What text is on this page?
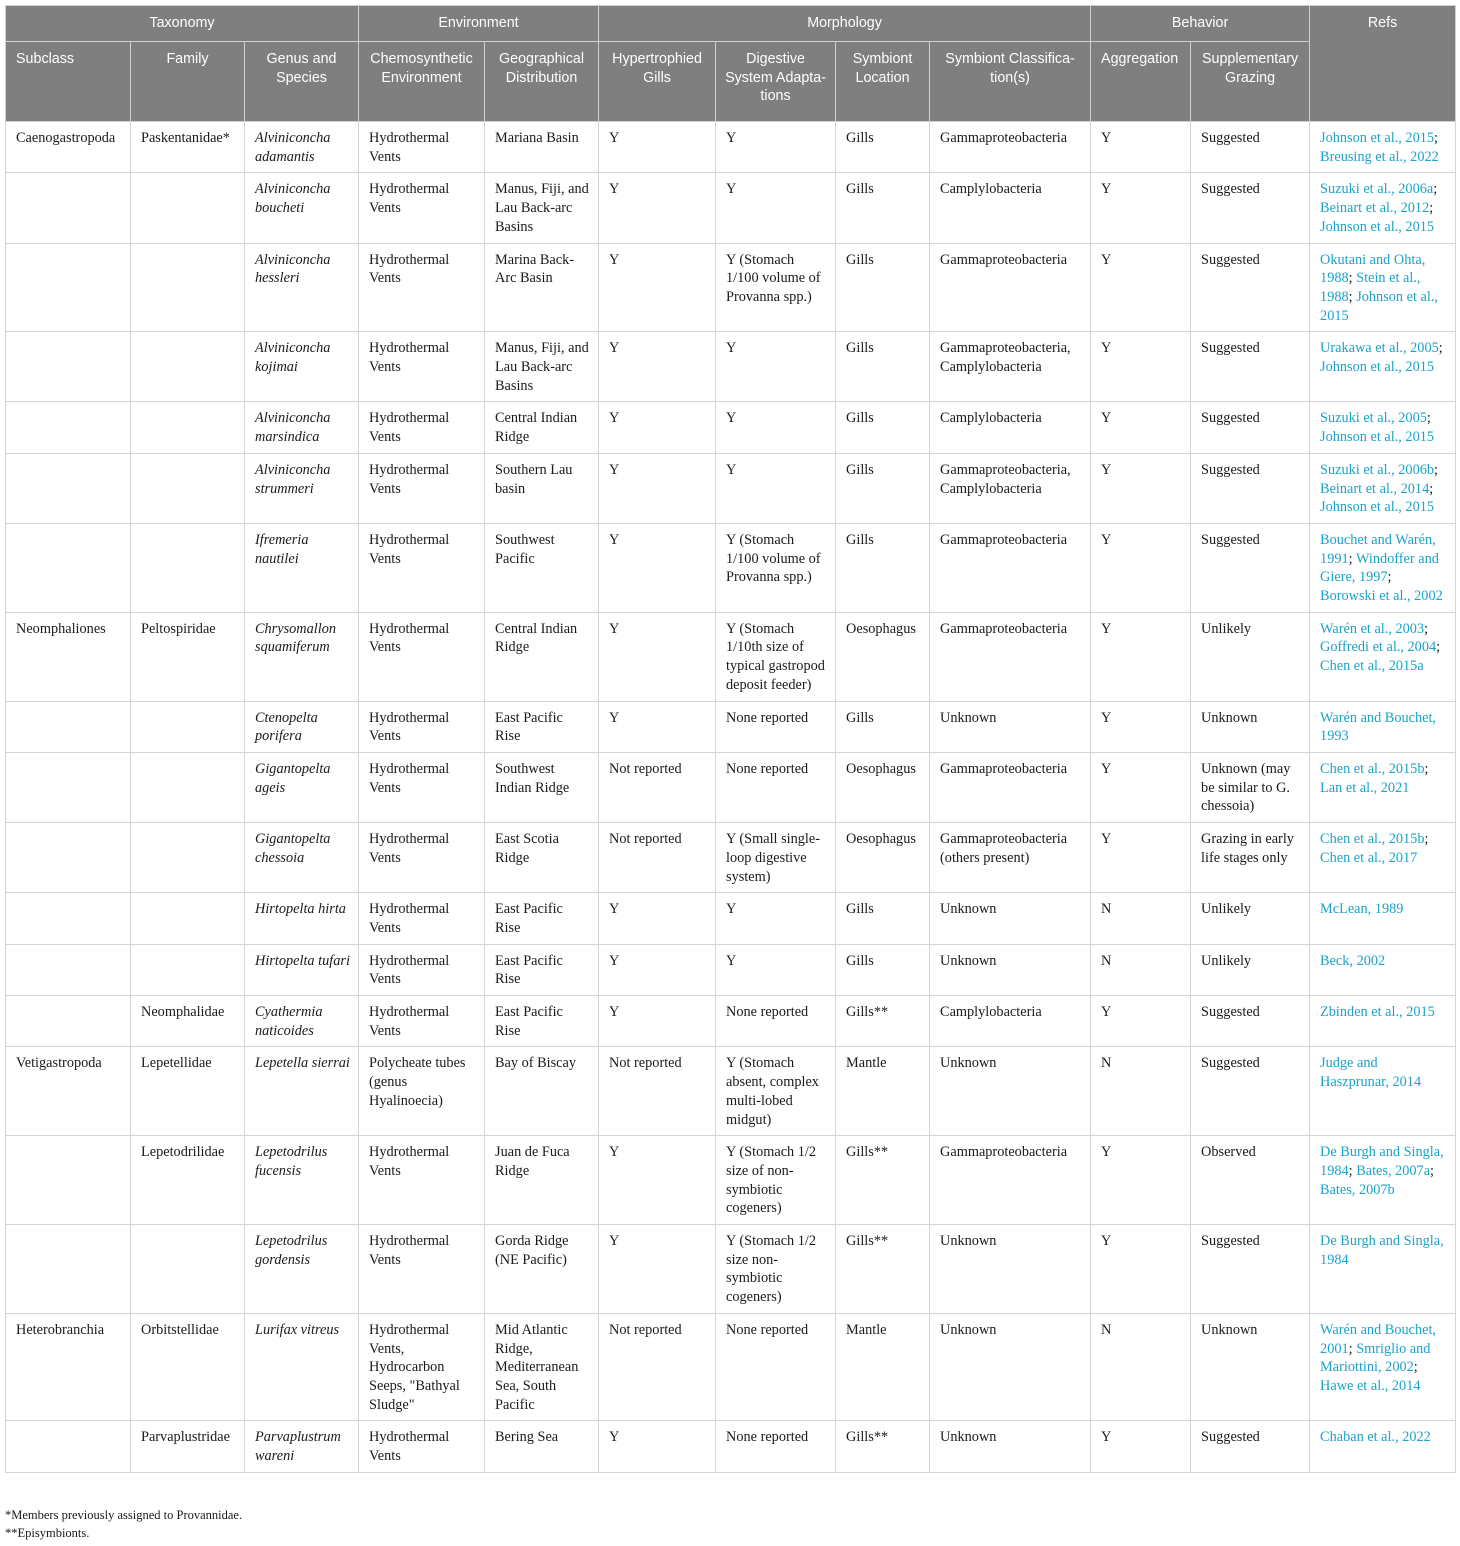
Taxonomy			Environment		Morphology				Behavior		Refs
Subclass	Family	Genus and Species	Chemosynthetic Environment	Geographical Distribution	Hypertrophied Gills	Digestive System Adapta-tions	Symbiont Location	Symbiont Classifica-tion(s)	Aggregation	Supplementary Grazing	
Caenogastropoda	Paskentanidae*	Alviniconcha adamantis	Hydrothermal Vents	Mariana Basin	Y	Y	Gills	Gammaproteobacteria	Y	Suggested	Johnson et al., 2015; Breusing et al., 2022
		Alviniconcha boucheti	Hydrothermal Vents	Manus, Fiji, and Lau Back-arc Basins	Y	Y	Gills	Camplylobacteria	Y	Suggested	Suzuki et al., 2006a; Beinart et al., 2012; Johnson et al., 2015
		Alviniconcha hessleri	Hydrothermal Vents	Marina Back-Arc Basin	Y	Y (Stomach 1/100 volume of Provanna spp.)	Gills	Gammaproteobacteria	Y	Suggested	Okutani and Ohta, 1988; Stein et al., 1988; Johnson et al., 2015
		Alviniconcha kojimai	Hydrothermal Vents	Manus, Fiji, and Lau Back-arc Basins	Y	Y	Gills	Gammaproteobacteria, Camplylobacteria	Y	Suggested	Urakawa et al., 2005; Johnson et al., 2015
		Alviniconcha marsindica	Hydrothermal Vents	Central Indian Ridge	Y	Y	Gills	Camplylobacteria	Y	Suggested	Suzuki et al., 2005; Johnson et al., 2015
		Alviniconcha strummeri	Hydrothermal Vents	Southern Lau basin	Y	Y	Gills	Gammaproteobacteria, Camplylobacteria	Y	Suggested	Suzuki et al., 2006b; Beinart et al., 2014; Johnson et al., 2015
		Ifremeria nautilei	Hydrothermal Vents	Southwest Pacific	Y	Y (Stomach 1/100 volume of Provanna spp.)	Gills	Gammaproteobacteria	Y	Suggested	Bouchet and Warén, 1991; Windoffer and Giere, 1997; Borowski et al., 2002
Neomphaliones	Peltospiridae	Chrysomallon squamiferum	Hydrothermal Vents	Central Indian Ridge	Y	Y (Stomach 1/10th size of typical gastropod deposit feeder)	Oesophagus	Gammaproteobacteria	Y	Unlikely	Warén et al., 2003; Goffredi et al., 2004; Chen et al., 2015a
		Ctenopelta porifera	Hydrothermal Vents	East Pacific Rise	Y	None reported	Gills	Unknown	Y	Unknown	Warén and Bouchet, 1993
		Gigantopelta ageis	Hydrothermal Vents	Southwest Indian Ridge	Not reported	None reported	Oesophagus	Gammaproteobacteria	Y	Unknown (may be similar to G. chessoia)	Chen et al., 2015b; Lan et al., 2021
		Gigantopelta chessoia	Hydrothermal Vents	East Scotia Ridge	Not reported	Y (Small single-loop digestive system)	Oesophagus	Gammaproteobacteria (others present)	Y	Grazing in early life stages only	Chen et al., 2015b; Chen et al., 2017
		Hirtopelta hirta	Hydrothermal Vents	East Pacific Rise	Y	Y	Gills	Unknown	N	Unlikely	McLean, 1989
		Hirtopelta tufari	Hydrothermal Vents	East Pacific Rise	Y	Y	Gills	Unknown	N	Unlikely	Beck, 2002
	Neomphalidae	Cyathermia naticoides	Hydrothermal Vents	East Pacific Rise	Y	None reported	Gills**	Camplylobacteria	Y	Suggested	Zbinden et al., 2015
Vetigastropoda	Lepetellidae	Lepetella sierrai	Polycheate tubes (genus Hyalinoecia)	Bay of Biscay	Not reported	Y (Stomach absent, complex multi-lobed midgut)	Mantle	Unknown	N	Suggested	Judge and Haszprunar, 2014
	Lepetodrilidae	Lepetodrilus fucensis	Hydrothermal Vents	Juan de Fuca Ridge	Y	Y (Stomach 1/2 size of non-symbiotic cogeners)	Gills**	Gammaproteobacteria	Y	Observed	De Burgh and Singla, 1984; Bates, 2007a; Bates, 2007b
		Lepetodrilus gordensis	Hydrothermal Vents	Gorda Ridge (NE Pacific)	Y	Y (Stomach 1/2 size non-symbiotic cogeners)	Gills**	Unknown	Y	Suggested	De Burgh and Singla, 1984
Heterobranchia	Orbitstellidae	Lurifax vitreus	Hydrothermal Vents, Hydrocarbon Seeps, "Bathyal Sludge"	Mid Atlantic Ridge, Mediterranean Sea, South Pacific	Not reported	None reported	Mantle	Unknown	N	Unknown	Warén and Bouchet, 2001; Smriglio and Mariottini, 2002; Hawe et al., 2014
	Parvaplustridae	Parvaplustrum wareni	Hydrothermal Vents	Bering Sea	Y	None reported	Gills**	Unknown	Y	Suggested	Chaban et al., 2022
*Members previously assigned to Provannidae.
**Episymbionts.
